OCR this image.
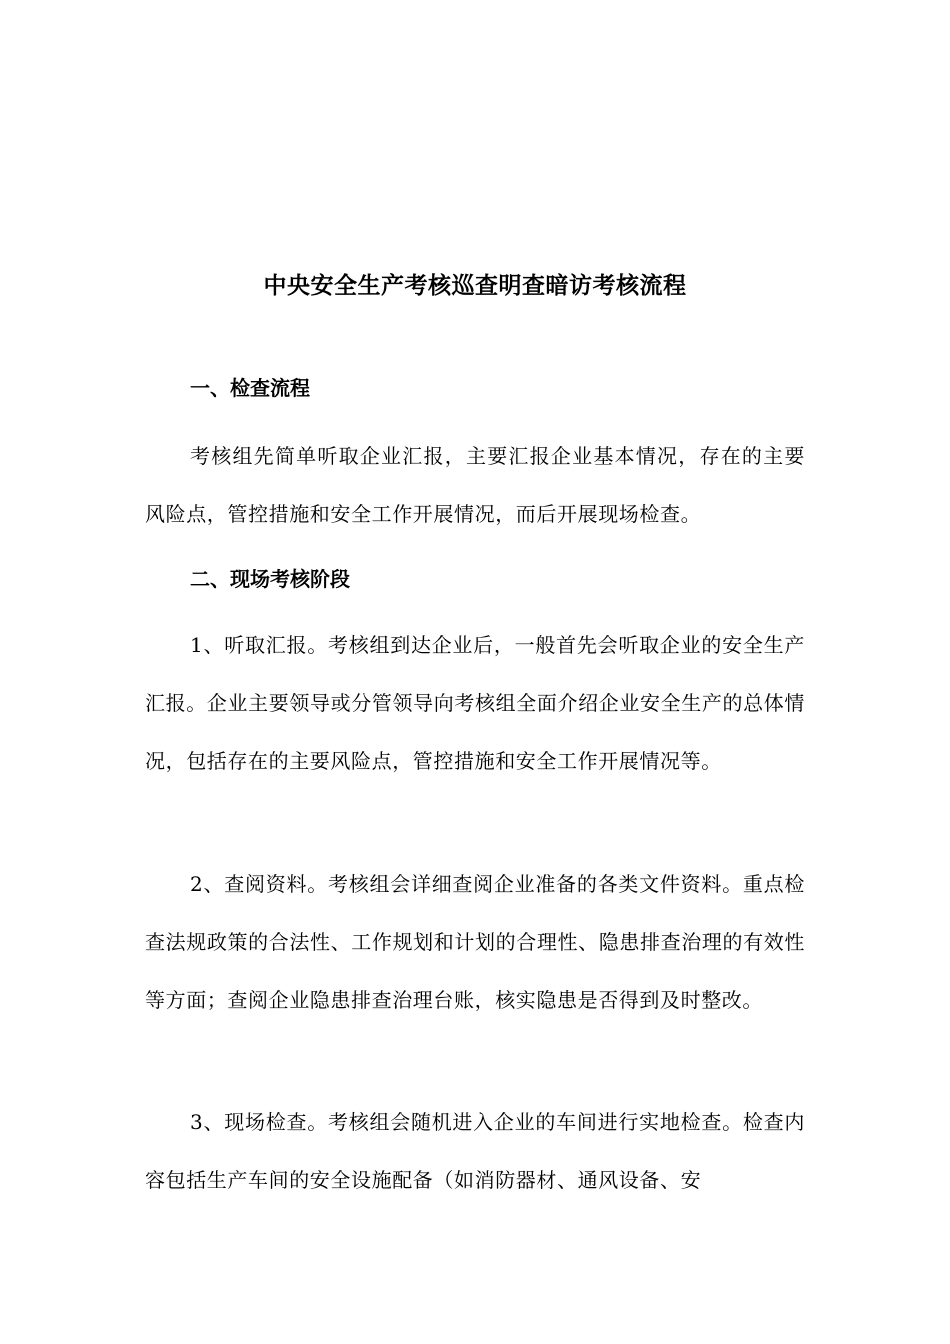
中央安全生产考核巡查明查暗访考核流程
一、检查流程
考核组先简单听取企业汇报，主要汇报企业基本情况，存在的主要风险点，管控措施和安全工作开展情况，而后开展现场检查。
二、现场考核阶段
1、听取汇报。考核组到达企业后，一般首先会听取企业的安全生产汇报。企业主要领导或分管领导向考核组全面介绍企业安全生产的总体情况，包括存在的主要风险点，管控措施和安全工作开展情况等。
2、查阅资料。考核组会详细查阅企业准备的各类文件资料。重点检查法规政策的合法性、工作规划和计划的合理性、隐患排查治理的有效性等方面；查阅企业隐患排查治理台账，核实隐患是否得到及时整改。
3、现场检查。考核组会随机进入企业的车间进行实地检查。检查内容包括生产车间的安全设施配备（如消防器材、通风设备、安
